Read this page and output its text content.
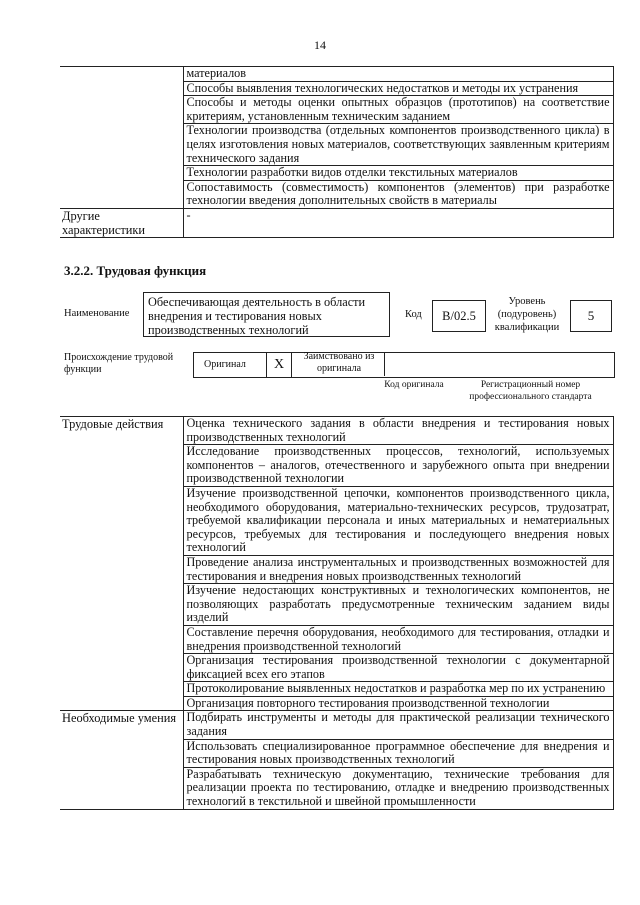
14
	материалов
	Способы выявления технологических недостатков и методы их устранения
	Способы и методы оценки опытных образцов (прототипов) на соответствие критериям, установленным техническим заданием
	Технологии производства (отдельных компонентов производственного цикла) в целях изготовления новых материалов, соответствующих заявленным критериям технического задания
	Технологии разработки видов отделки текстильных материалов
	Сопоставимость (совместимость) компонентов (элементов) при разработке технологии введения дополнительных свойств в материалы
Другие характеристики	-
3.2.2. Трудовая функция
Наименование
Обеспечивающая деятельность в области внедрения и тестирования новых производственных технологий
Код	B/02.5
Уровень (подуровень) квалификации
5
Происхождение трудовой функции	Оригинал	X
Заимствовано из оригинала
Код оригинала	Регистрационный номер профессионального стандарта
Трудовые действия	Оценка технического задания в области внедрения и тестирования новых производственных технологий
	Исследование производственных процессов, технологий, используемых компонентов – аналогов, отечественного и зарубежного опыта при внедрении производственной технологии
	Изучение производственной цепочки, компонентов производственного цикла, необходимого оборудования, материально-технических ресурсов, трудозатрат, требуемой квалификации персонала и иных материальных и нематериальных ресурсов, требуемых для тестирования и последующего внедрения новых технологий
	Проведение анализа инструментальных и производственных возможностей для тестирования и внедрения новых производственных технологий
	Изучение недостающих конструктивных и технологических компонентов, не позволяющих разработать предусмотренные техническим заданием виды изделий
	Составление перечня оборудования, необходимого для тестирования, отладки и внедрения производственной технологий
	Организация тестирования производственной технологии с документарной фиксацией всех его этапов
	Протоколирование выявленных недостатков и разработка мер по их устранению
	Организация повторного тестирования производственной технологии
Необходимые умения	Подбирать инструменты и методы для практической реализации технического задания
	Использовать специализированное программное обеспечение для внедрения и тестирования новых производственных технологий
	Разрабатывать техническую документацию, технические требования для реализации проекта по тестированию, отладке и внедрению производственных технологий в текстильной и швейной промышленности
